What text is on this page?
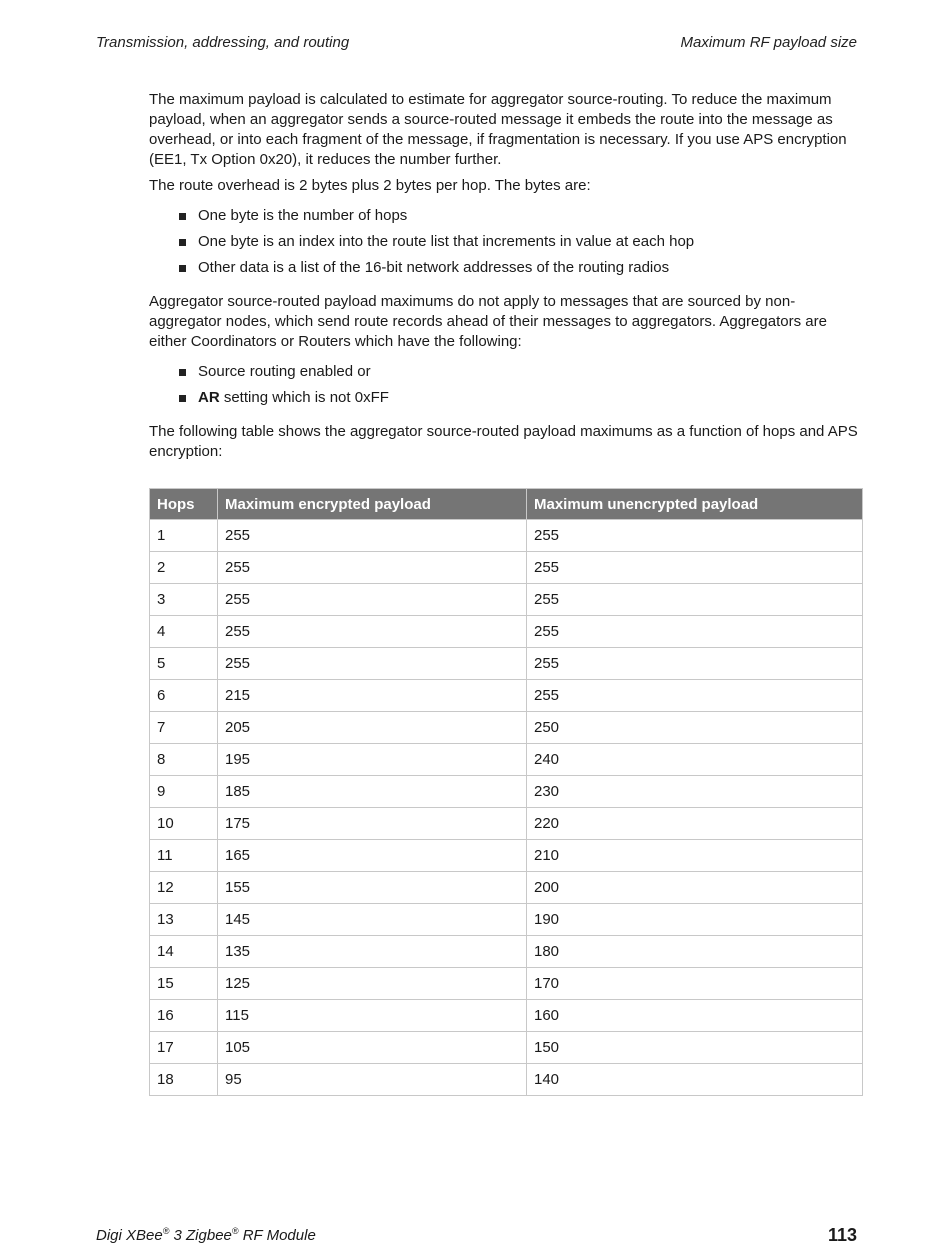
Transmission, addressing, and routing	Maximum RF payload size

The maximum payload is calculated to estimate for aggregator source-routing. To reduce the maximum payload, when an aggregator sends a source-routed message it embeds the route into the message as overhead, or into each fragment of the message, if fragmentation is necessary. If you use APS encryption (EE1, Tx Option 0x20), it reduces the number further.

The route overhead is 2 bytes plus 2 bytes per hop. The bytes are:

One byte is the number of hops
One byte is an index into the route list that increments in value at each hop
Other data is a list of the 16-bit network addresses of the routing radios

Aggregator source-routed payload maximums do not apply to messages that are sourced by non-aggregator nodes, which send route records ahead of their messages to aggregators. Aggregators are either Coordinators or Routers which have the following:

Source routing enabled or
AR setting which is not 0xFF

The following table shows the aggregator source-routed payload maximums as a function of hops and APS encryption:

Hops	Maximum encrypted payload	Maximum unencrypted payload
1	255	255
2	255	255
3	255	255
4	255	255
5	255	255
6	215	255
7	205	250
8	195	240
9	185	230
10	175	220
11	165	210
12	155	200
13	145	190
14	135	180
15	125	170
16	115	160
17	105	150
18	95	140
Digi XBee® 3 Zigbee® RF Module	113
